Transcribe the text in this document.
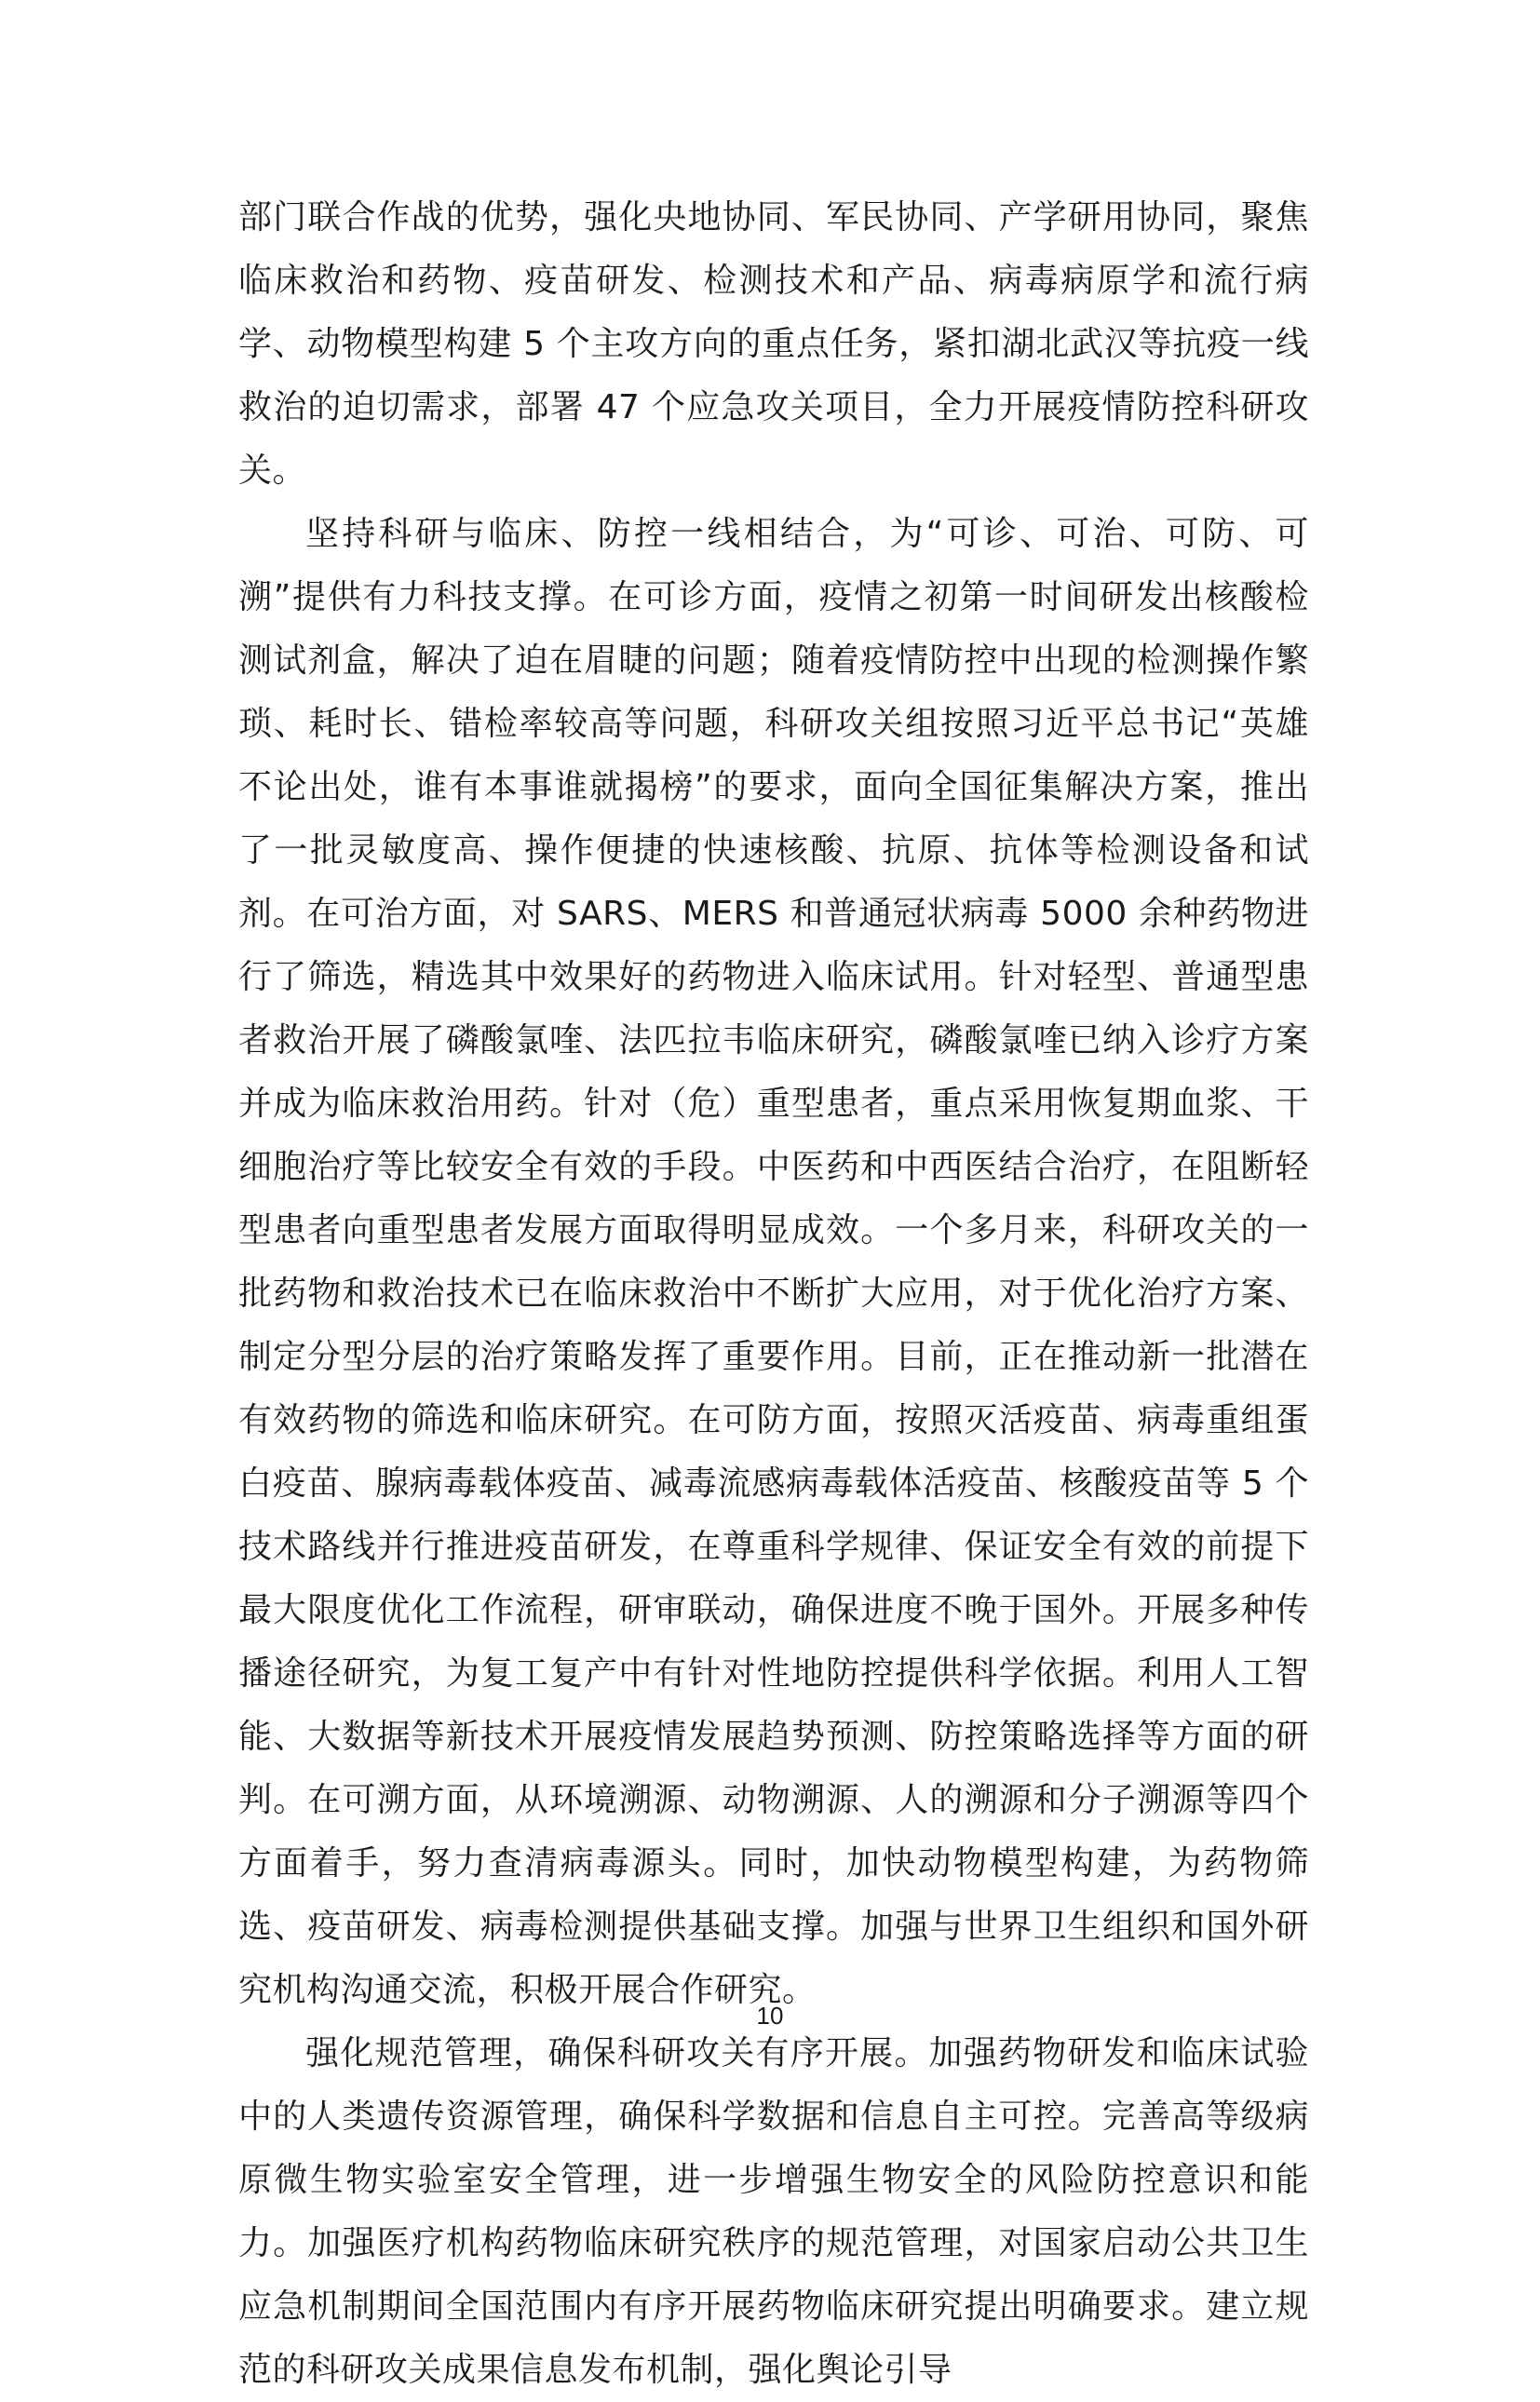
部门联合作战的优势，强化央地协同、军民协同、产学研用协同，聚焦临床救治和药物、疫苗研发、检测技术和产品、病毒病原学和流行病学、动物模型构建 5 个主攻方向的重点任务，紧扣湖北武汉等抗疫一线救治的迫切需求，部署 47 个应急攻关项目，全力开展疫情防控科研攻关。

坚持科研与临床、防控一线相结合，为“可诊、可治、可防、可溯”提供有力科技支撑。在可诊方面，疫情之初第一时间研发出核酸检测试剂盒，解决了迫在眉睫的问题；随着疫情防控中出现的检测操作繁琐、耗时长、错检率较高等问题，科研攻关组按照习近平总书记“英雄不论出处，谁有本事谁就揭榜”的要求，面向全国征集解决方案，推出了一批灵敏度高、操作便捷的快速核酸、抗原、抗体等检测设备和试剂。在可治方面，对 SARS、MERS 和普通冠状病毒 5000 余种药物进行了筛选，精选其中效果好的药物进入临床试用。针对轻型、普通型患者救治开展了磷酸氯喹、法匹拉韦临床研究，磷酸氯喹已纳入诊疗方案并成为临床救治用药。针对（危）重型患者，重点采用恢复期血浆、干细胞治疗等比较安全有效的手段。中医药和中西医结合治疗，在阻断轻型患者向重型患者发展方面取得明显成效。一个多月来，科研攻关的一批药物和救治技术已在临床救治中不断扩大应用，对于优化治疗方案、制定分型分层的治疗策略发挥了重要作用。目前，正在推动新一批潜在有效药物的筛选和临床研究。在可防方面，按照灭活疫苗、病毒重组蛋白疫苗、腺病毒载体疫苗、减毒流感病毒载体活疫苗、核酸疫苗等 5 个技术路线并行推进疫苗研发，在尊重科学规律、保证安全有效的前提下最大限度优化工作流程，研审联动，确保进度不晚于国外。开展多种传播途径研究，为复工复产中有针对性地防控提供科学依据。利用人工智能、大数据等新技术开展疫情发展趋势预测、防控策略选择等方面的研判。在可溯方面，从环境溯源、动物溯源、人的溯源和分子溯源等四个方面着手，努力查清病毒源头。同时，加快动物模型构建，为药物筛选、疫苗研发、病毒检测提供基础支撑。加强与世界卫生组织和国外研究机构沟通交流，积极开展合作研究。

强化规范管理，确保科研攻关有序开展。加强药物研发和临床试验中的人类遗传资源管理，确保科学数据和信息自主可控。完善高等级病原微生物实验室安全管理，进一步增强生物安全的风险防控意识和能力。加强医疗机构药物临床研究秩序的规范管理，对国家启动公共卫生应急机制期间全国范围内有序开展药物临床研究提出明确要求。建立规范的科研攻关成果信息发布机制，强化舆论引导

10
